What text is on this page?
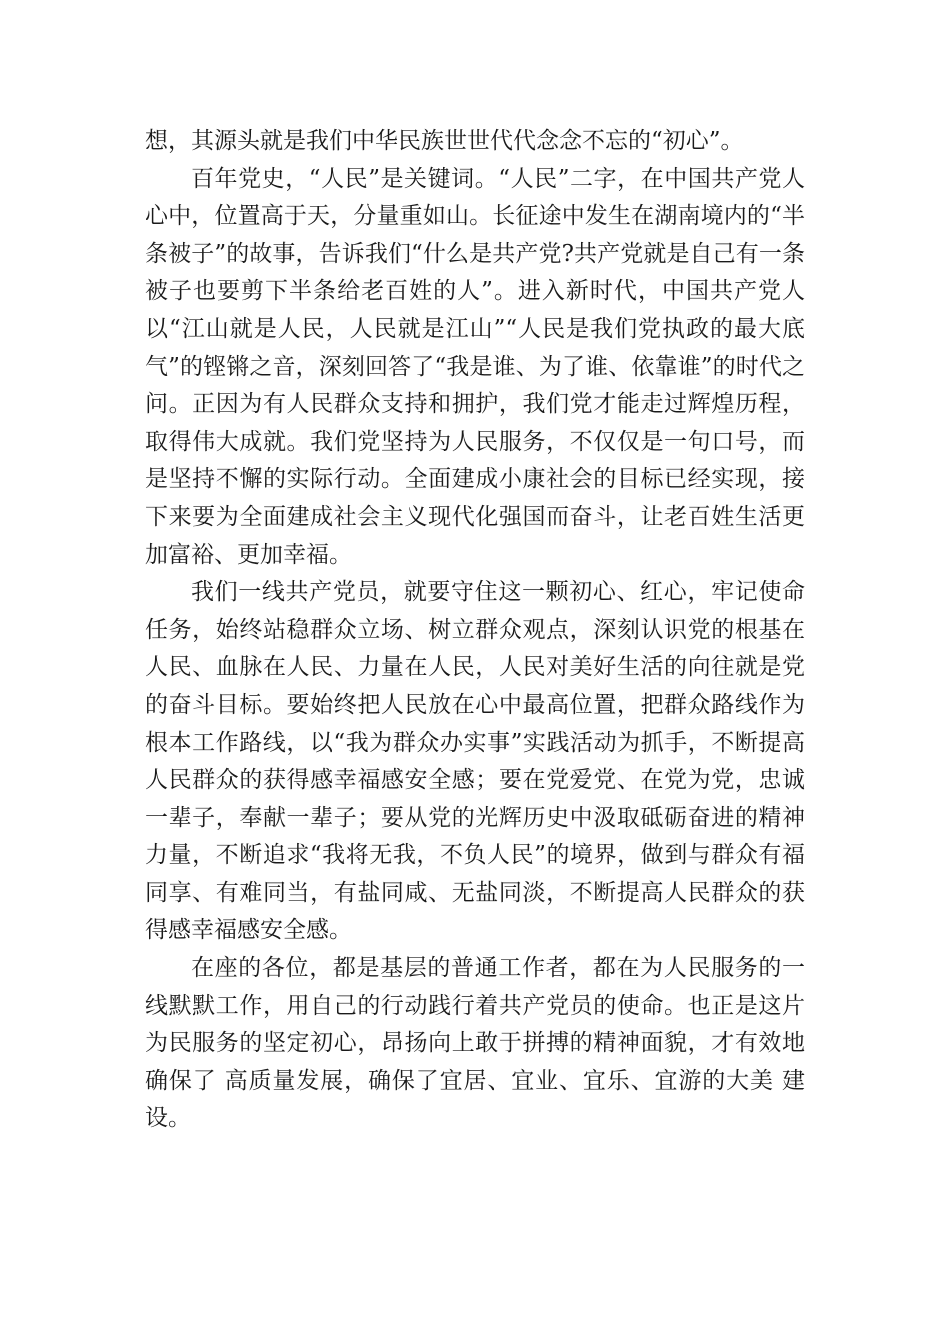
想，其源头就是我们中华民族世世代代念念不忘的“初心”。

百年党史，“人民”是关键词。“人民”二字，在中国共产党人心中，位置高于天，分量重如山。长征途中发生在湖南境内的“半条被子”的故事，告诉我们“什么是共产党?共产党就是自己有一条被子也要剪下半条给老百姓的人”。进入新时代，中国共产党人以“江山就是人民，人民就是江山”“人民是我们党执政的最大底气”的铿锵之音，深刻回答了“我是谁、为了谁、依靠谁”的时代之问。正因为有人民群众支持和拥护，我们党才能走过辉煌历程，取得伟大成就。我们党坚持为人民服务，不仅仅是一句口号，而是坚持不懈的实际行动。全面建成小康社会的目标已经实现，接下来要为全面建成社会主义现代化强国而奋斗，让老百姓生活更加富裕、更加幸福。

我们一线共产党员，就要守住这一颗初心、红心，牢记使命任务，始终站稳群众立场、树立群众观点，深刻认识党的根基在人民、血脉在人民、力量在人民，人民对美好生活的向往就是党的奋斗目标。要始终把人民放在心中最高位置，把群众路线作为根本工作路线，以“我为群众办实事”实践活动为抓手，不断提高人民群众的获得感幸福感安全感；要在党爱党、在党为党，忠诚一辈子，奉献一辈子；要从党的光辉历史中汲取砥砺奋进的精神力量，不断追求“我将无我，不负人民”的境界，做到与群众有福同享、有难同当，有盐同咸、无盐同淡，不断提高人民群众的获得感幸福感安全感。

在座的各位，都是基层的普通工作者，都在为人民服务的一线默默工作，用自己的行动践行着共产党员的使命。也正是这片为民服务的坚定初心，昂扬向上敢于拼搏的精神面貌，才有效地确保了 高质量发展，确保了宜居、宜业、宜乐、宜游的大美 建设。
